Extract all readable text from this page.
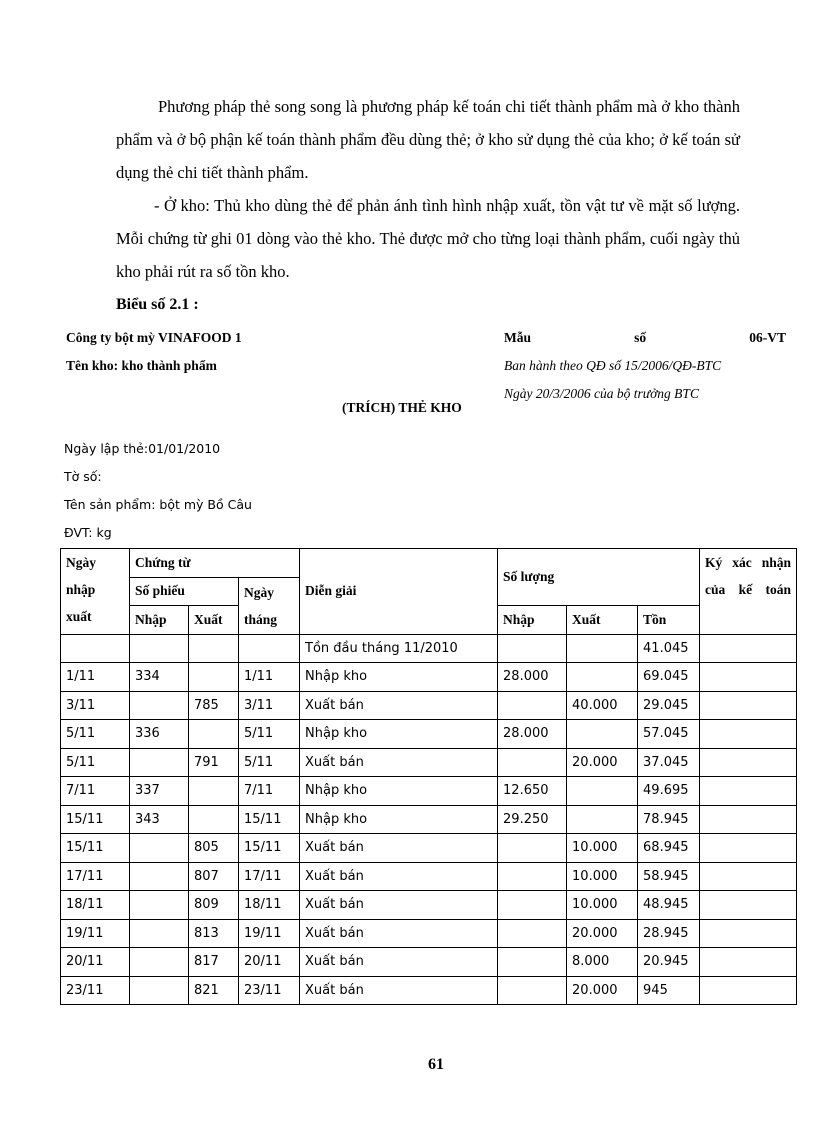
Phương pháp thẻ song song là phương pháp kế toán chi tiết thành phẩm mà ở kho thành phẩm và ở bộ phận kế toán thành phẩm đều dùng thẻ; ở kho sử dụng thẻ của kho; ở kế toán sử dụng thẻ chi tiết thành phẩm.
- Ở kho: Thủ kho dùng thẻ để phản ánh tình hình nhập xuất, tồn vật tư về mặt số lượng. Mỗi chứng từ ghi 01 dòng vào thẻ kho. Thẻ được mở cho từng loại thành phẩm, cuối ngày thủ kho phải rút ra số tồn kho.
Biểu số 2.1 :
Công ty bột mỳ VINAFOOD 1
Tên kho: kho thành phẩm
Mẫu	số	06-VT
Ban hành theo QĐ số 15/2006/QĐ-BTC
Ngày 20/3/2006 của bộ trưởng BTC
(TRÍCH) THẺ KHO
Ngày lập thẻ:01/01/2010
Tờ số:
Tên sản phẩm: bột mỳ Bồ Câu
ĐVT: kg
Ngày nhập xuất	Chứng từ			Diễn giải	Số lượng			Ký xác nhận của kế toán
	Số phiếu		Ngày tháng					
	Nhập	Xuất			Nhập	Xuất	Tồn	
				Tồn đầu tháng 11/2010			41.045	
1/11	334		1/11	Nhập kho	28.000		69.045	
3/11		785	3/11	Xuất bán		40.000	29.045	
5/11	336		5/11	Nhập kho	28.000		57.045	
5/11		791	5/11	Xuất bán		20.000	37.045	
7/11	337		7/11	Nhập kho	12.650		49.695	
15/11	343		15/11	Nhập kho	29.250		78.945	
15/11		805	15/11	Xuất bán		10.000	68.945	
17/11		807	17/11	Xuất bán		10.000	58.945	
18/11		809	18/11	Xuất bán		10.000	48.945	
19/11		813	19/11	Xuất bán		20.000	28.945	
20/11		817	20/11	Xuất bán		8.000	20.945	
23/11		821	23/11	Xuất bán		20.000	945	
61
